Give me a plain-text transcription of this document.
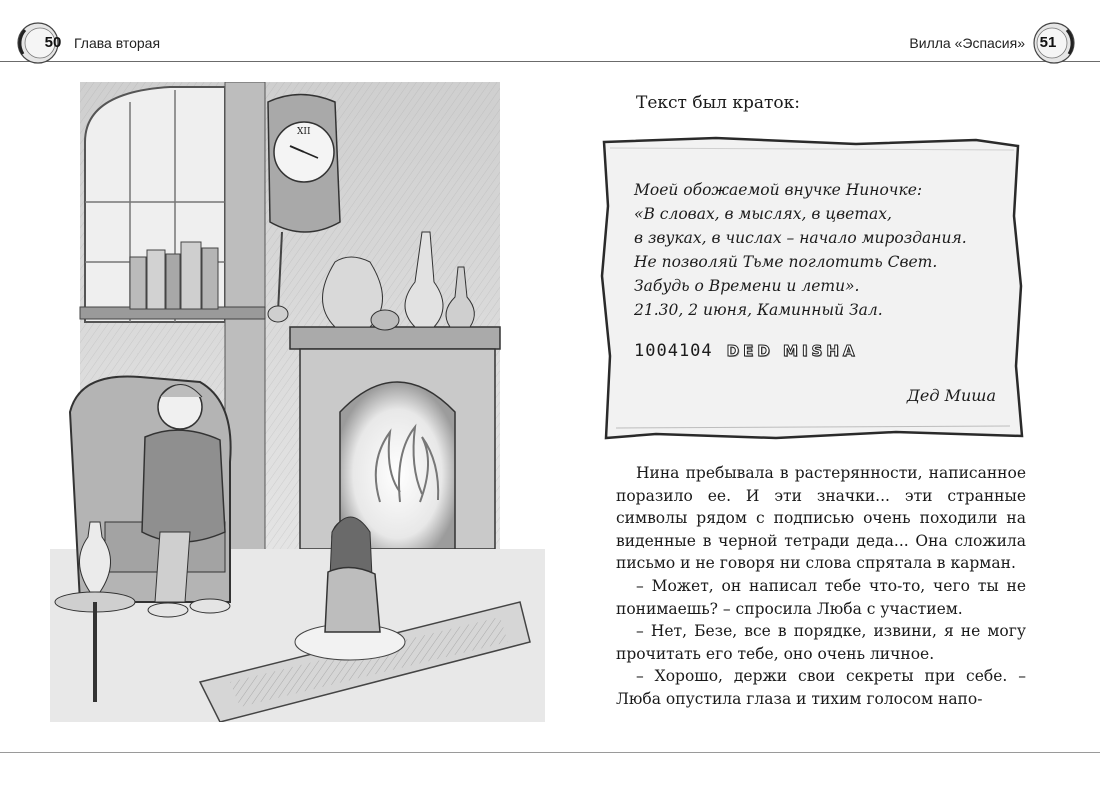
50 Глава вторая	Вилла «Эспасия» 51
XII
Текст был краток:
Моей обожаемой внучке Ниночке:
«В словах, в мыслях, в цветах,
в звуках, в числах – начало мироздания.
Не позволяй Тьме поглотить Свет.
Забудь о Времени и лети».
21.30, 2 июня, Каминный Зал.
1004104 DED MISHA
Дед Миша

Нина пребывала в растерянности, написанное поразило ее. И эти значки... эти странные символы рядом с подписью очень походили на виденные в черной тетради деда... Она сложила письмо и не говоря ни слова спрятала в карман.

– Может, он написал тебе что-то, чего ты не понимаешь? – спросила Люба с участием.

– Нет, Безе, все в порядке, извини, я не могу прочитать его тебе, оно очень личное.

– Хорошо, держи свои секреты при себе. – Люба опустила глаза и тихим голосом напо-
